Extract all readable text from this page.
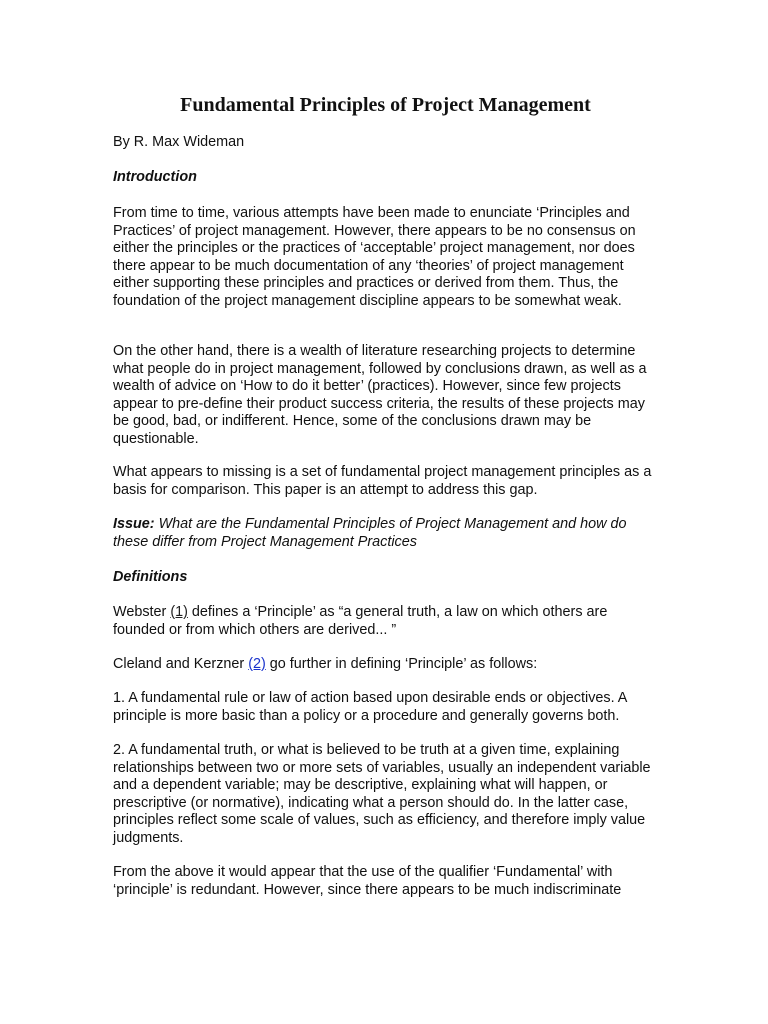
Fundamental Principles of Project Management

By R. Max Wideman

Introduction

From time to time, various attempts have been made to enunciate ‘Principles and Practices’ of project management. However, there appears to be no consensus on either the principles or the practices of ‘acceptable’ project management, nor does there appear to be much documentation of any ‘theories’ of project management either supporting these principles and practices or derived from them. Thus, the foundation of the project management discipline appears to be somewhat weak.

On the other hand, there is a wealth of literature researching projects to determine what people do in project management, followed by conclusions drawn, as well as a wealth of advice on ‘How to do it better’ (practices). However, since few projects appear to pre-define their product success criteria, the results of these projects may be good, bad, or indifferent. Hence, some of the conclusions drawn may be questionable.

What appears to missing is a set of fundamental project management principles as a basis for comparison. This paper is an attempt to address this gap.

Issue: What are the Fundamental Principles of Project Management and how do these differ from Project Management Practices

Definitions

Webster (1) defines a ‘Principle’ as “a general truth, a law on which others are founded or from which others are derived... ”

Cleland and Kerzner (2) go further in defining ‘Principle’ as follows:

1. A fundamental rule or law of action based upon desirable ends or objectives. A principle is more basic than a policy or a procedure and generally governs both.

2. A fundamental truth, or what is believed to be truth at a given time, explaining relationships between two or more sets of variables, usually an independent variable and a dependent variable; may be descriptive, explaining what will happen, or prescriptive (or normative), indicating what a person should do. In the latter case, principles reflect some scale of values, such as efficiency, and therefore imply value judgments.

From the above it would appear that the use of the qualifier ‘Fundamental’ with ‘principle’ is redundant. However, since there appears to be much indiscriminate
